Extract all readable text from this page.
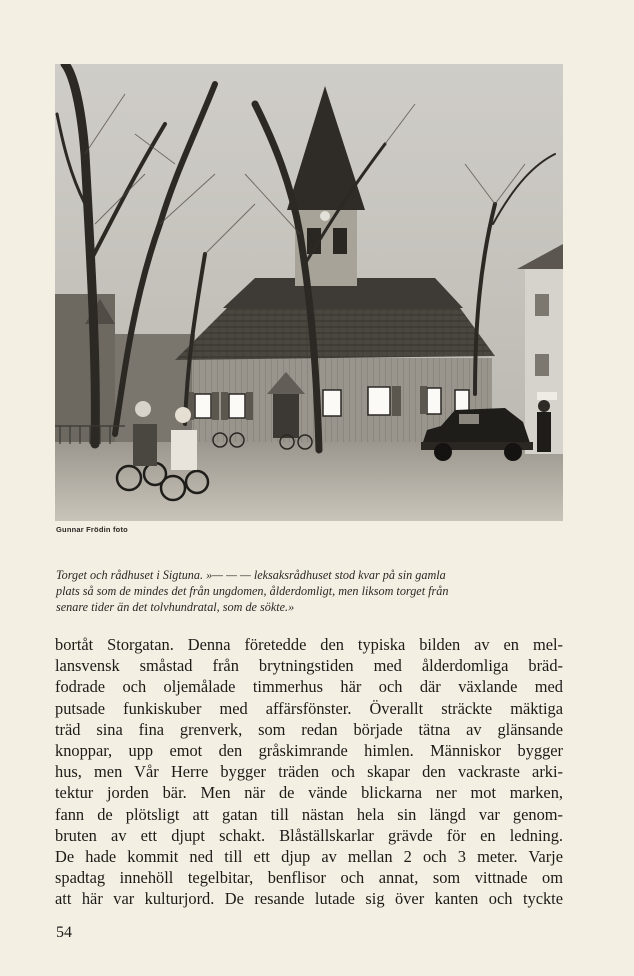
Gunnar Frödin foto
Torget och rådhuset i Sigtuna. »— — — leksaksrådhuset stod kvar på sin gamla
plats så som de mindes det från ungdomen, ålderdomligt, men liksom torget från
senare tider än det tolvhundratal, som de sökte.»
bortåt Storgatan. Denna företedde den typiska bilden av en mel-
lansvensk småstad från brytningstiden med ålderdomliga bräd-
fodrade och oljemålade timmerhus här och där växlande med
putsade funkiskuber med affärsfönster. Överallt sträckte mäktiga
träd sina fina grenverk, som redan började tätna av glänsande
knoppar, upp emot den gråskimrande himlen. Människor bygger
hus, men Vår Herre bygger träden och skapar den vackraste arki-
tektur jorden bär. Men när de vände blickarna ner mot marken,
fann de plötsligt att gatan till nästan hela sin längd var genom-
bruten av ett djupt schakt. Blåställskarlar grävde för en ledning.
De hade kommit ned till ett djup av mellan 2 och 3 meter. Varje
spadtag innehöll tegelbitar, benflisor och annat, som vittnade om
att här var kulturjord. De resande lutade sig över kanten och tyckte
54
